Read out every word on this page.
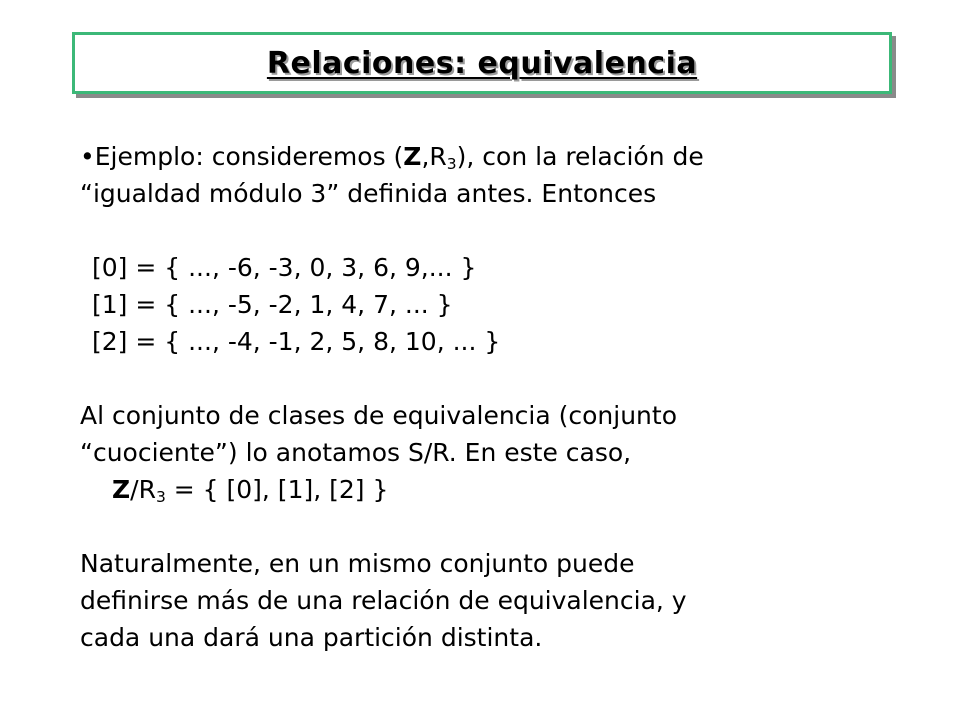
Relaciones: equivalencia
•Ejemplo: consideremos $(Z,R_3)$, con la relación de
“igualdad módulo 3” definida antes. Entonces
[0] = { ..., -6, -3, 0, 3, 6, 9,... }
[1] = { ..., -5, -2, 1, 4, 7, ... }
[2] = { ..., -4, -1, 2, 5, 8, 10, ... }
Al conjunto de clases de equivalencia (conjunto
“cuociente”) lo anotamos S/R. En este caso,
$Z/R_3$ = { [0], [1], [2] }
Naturalmente, en un mismo conjunto puede
definirse más de una relación de equivalencia, y
cada una dará una partición distinta.
